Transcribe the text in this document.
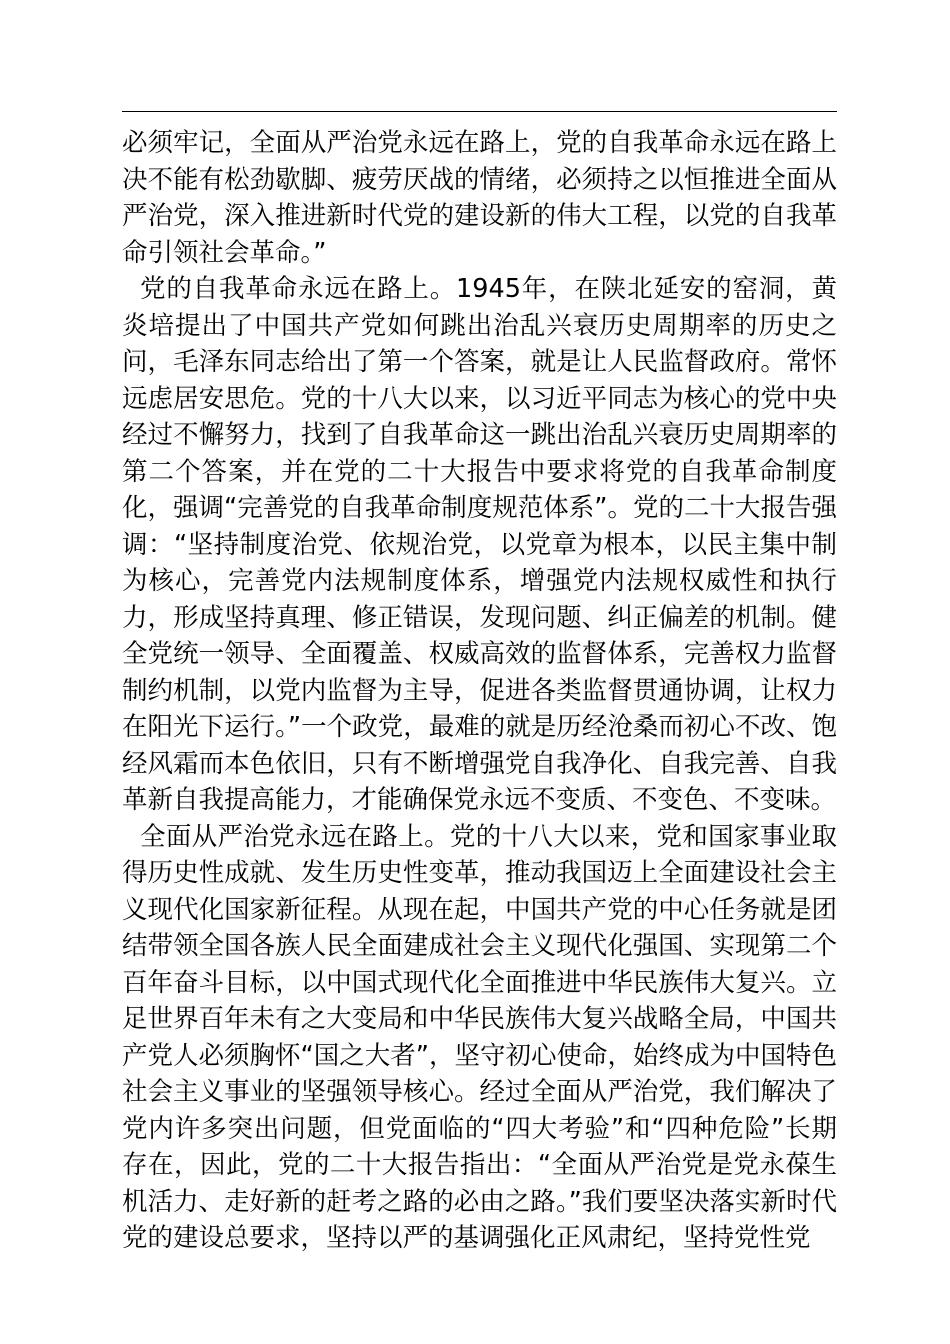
必须牢记，全面从严治党永远在路上，党的自我革命永远在路上决不能有松劲歇脚、疲劳厌战的情绪，必须持之以恒推进全面从严治党，深入推进新时代党的建设新的伟大工程，以党的自我革命引领社会革命。”

党的自我革命永远在路上。1945年，在陕北延安的窑洞，黄炎培提出了中国共产党如何跳出治乱兴衰历史周期率的历史之问，毛泽东同志给出了第一个答案，就是让人民监督政府。常怀远虑居安思危。党的十八大以来，以习近平同志为核心的党中央经过不懈努力，找到了自我革命这一跳出治乱兴衰历史周期率的第二个答案，并在党的二十大报告中要求将党的自我革命制度化，强调“完善党的自我革命制度规范体系”。党的二十大报告强调：“坚持制度治党、依规治党，以党章为根本，以民主集中制为核心，完善党内法规制度体系，增强党内法规权威性和执行力，形成坚持真理、修正错误，发现问题、纠正偏差的机制。健全党统一领导、全面覆盖、权威高效的监督体系，完善权力监督制约机制，以党内监督为主导，促进各类监督贯通协调，让权力在阳光下运行。”一个政党，最难的就是历经沧桑而初心不改、饱经风霜而本色依旧，只有不断增强党自我净化、自我完善、自我革新自我提高能力，才能确保党永远不变质、不变色、不变味。

全面从严治党永远在路上。党的十八大以来，党和国家事业取得历史性成就、发生历史性变革，推动我国迈上全面建设社会主义现代化国家新征程。从现在起，中国共产党的中心任务就是团结带领全国各族人民全面建成社会主义现代化强国、实现第二个百年奋斗目标，以中国式现代化全面推进中华民族伟大复兴。立足世界百年未有之大变局和中华民族伟大复兴战略全局，中国共产党人必须胸怀“国之大者”，坚守初心使命，始终成为中国特色社会主义事业的坚强领导核心。经过全面从严治党，我们解决了党内许多突出问题，但党面临的“四大考验”和“四种危险”长期存在，因此，党的二十大报告指出：“全面从严治党是党永葆生机活力、走好新的赶考之路的必由之路。”我们要坚决落实新时代党的建设总要求，坚持以严的基调强化正风肃纪，坚持党性党
